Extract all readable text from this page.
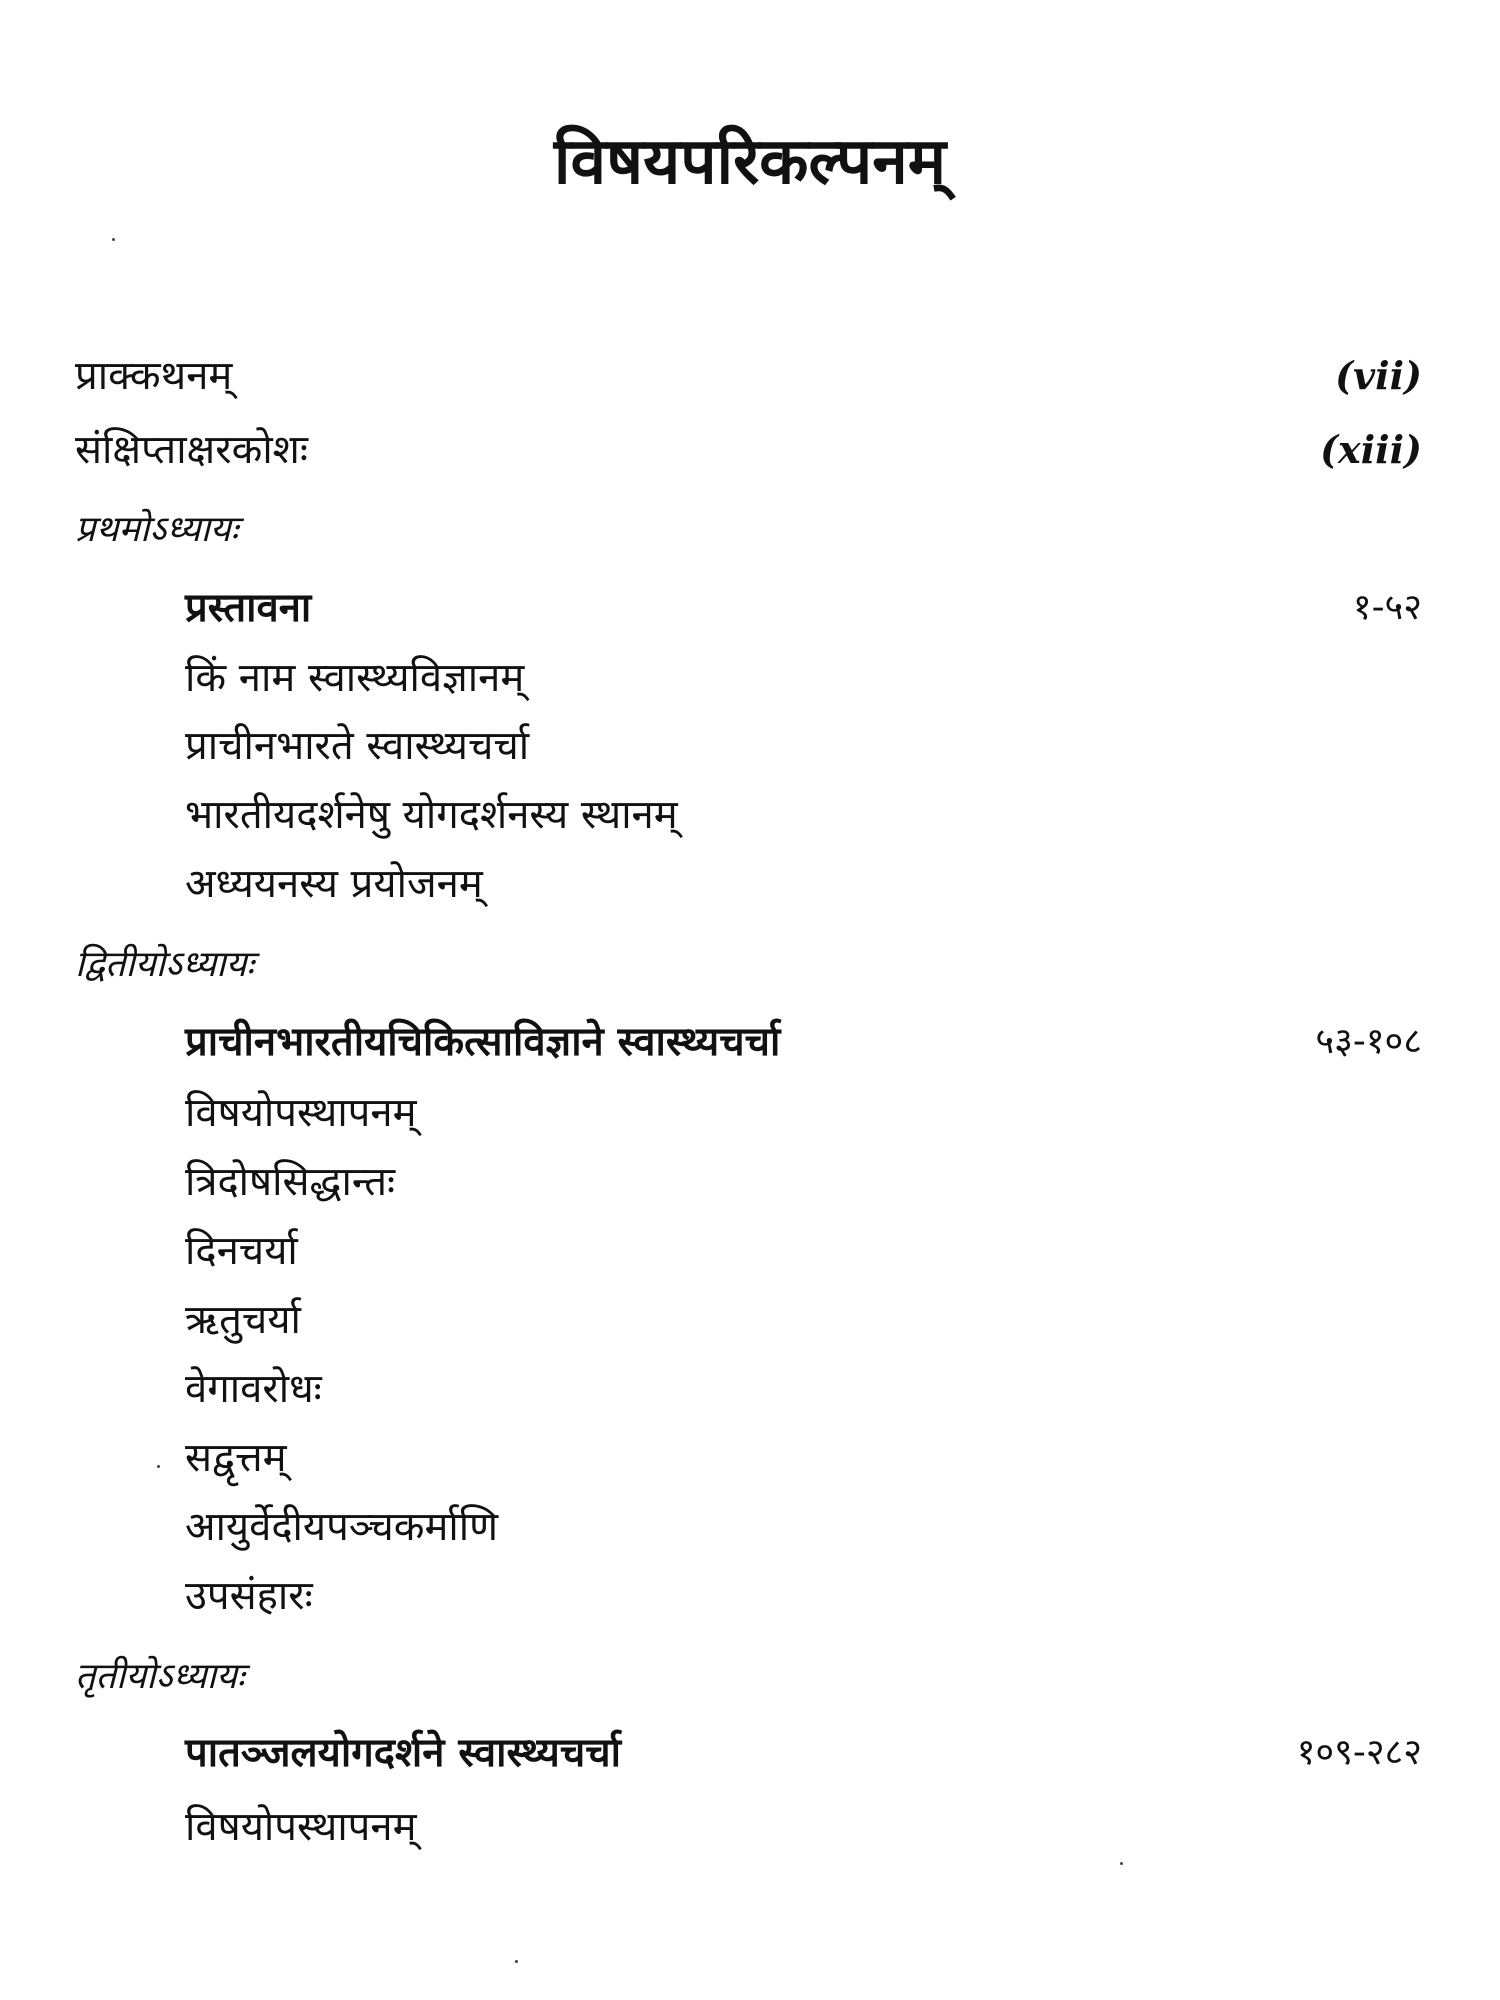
विषयपरिकल्पनम्
प्राक्कथनम्	(vii)
संक्षिप्ताक्षरकोशः	(xiii)
प्रथमोऽध्यायः
प्रस्तावना	१-५२
किं नाम स्वास्थ्यविज्ञानम्
प्राचीनभारते स्वास्थ्यचर्चा
भारतीयदर्शनेषु योगदर्शनस्य स्थानम्
अध्ययनस्य प्रयोजनम्
द्वितीयोऽध्यायः
प्राचीनभारतीयचिकित्साविज्ञाने स्वास्थ्यचर्चा	५३-१०८
विषयोपस्थापनम्
त्रिदोषसिद्धान्तः
दिनचर्या
ऋतुचर्या
वेगावरोधः
सद्वृत्तम्
आयुर्वेदीयपञ्चकर्माणि
उपसंहारः
तृतीयोऽध्यायः
पातञ्जलयोगदर्शने स्वास्थ्यचर्चा	१०९-२८२
विषयोपस्थापनम्
